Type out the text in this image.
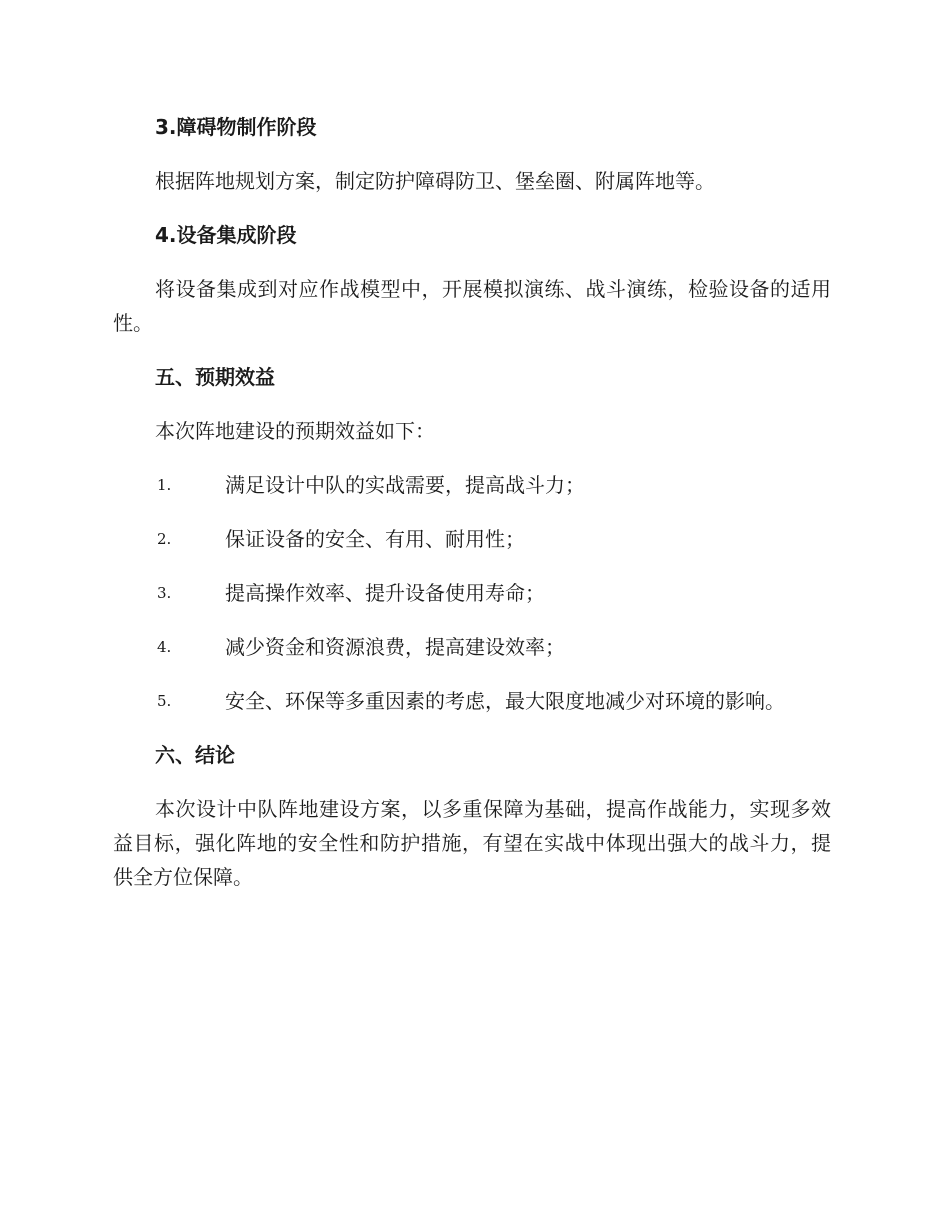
3.障碍物制作阶段

根据阵地规划方案，制定防护障碍防卫、堡垒圈、附属阵地等。

4.设备集成阶段

将设备集成到对应作战模型中，开展模拟演练、战斗演练，检验设备的适用性。

五、预期效益

本次阵地建设的预期效益如下：

1.	满足设计中队的实战需要，提高战斗力；
2.	保证设备的安全、有用、耐用性；
3.	提高操作效率、提升设备使用寿命；
4.	减少资金和资源浪费，提高建设效率；
5.	安全、环保等多重因素的考虑，最大限度地减少对环境的影响。

六、结论

本次设计中队阵地建设方案，以多重保障为基础，提高作战能力，实现多效益目标，强化阵地的安全性和防护措施，有望在实战中体现出强大的战斗力，提供全方位保障。
